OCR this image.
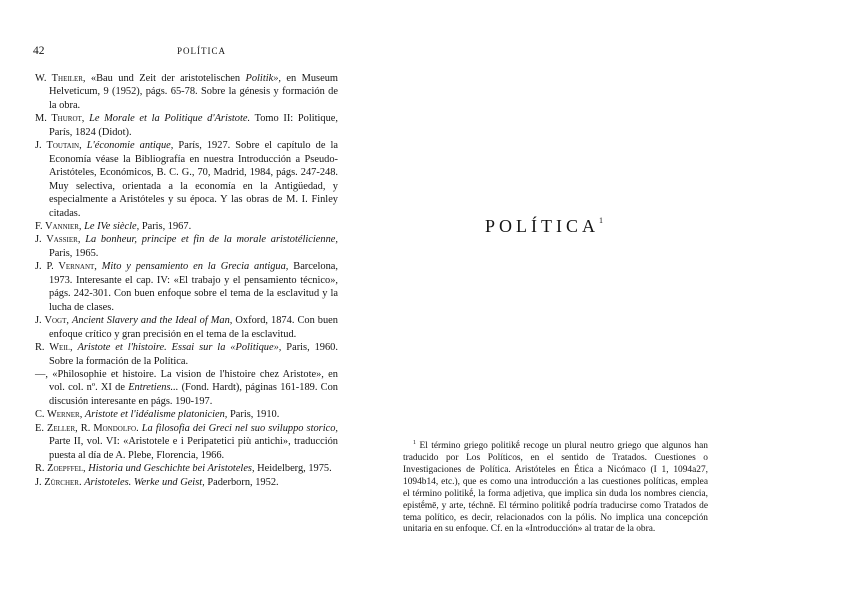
42	POLÍTICA
W. Theiler, «Bau und Zeit der aristotelischen Politik», en Museum Helveticum, 9 (1952), págs. 65-78. Sobre la génesis y formación de la obra.
M. Thurot, Le Morale et la Politique d'Aristote. Tomo II: Politique, París, 1824 (Didot).
J. Toutain, L'économie antique, París, 1927. Sobre el capítulo de la Economía véase la Bibliografía en nuestra Introducción a Pseudo-Aristóteles, Económicos, B. C. G., 70, Madrid, 1984, págs. 247-248. Muy selectiva, orientada a la economía en la Antigüedad, y especialmente a Aristóteles y su época. Y las obras de M. I. Finley citadas.
F. Vannier, Le IVe siècle, Paris, 1967.
J. Vassier, La bonheur, principe et fin de la morale aristotélicienne, Paris, 1965.
J. P. Vernant, Mito y pensamiento en la Grecia antigua, Barcelona, 1973. Interesante el cap. IV: «El trabajo y el pensamiento técnico», págs. 242-301. Con buen enfoque sobre el tema de la esclavitud y la lucha de clases.
J. Vogt, Ancient Slavery and the Ideal of Man, Oxford, 1874. Con buen enfoque crítico y gran precisión en el tema de la esclavitud.
R. Weil, Aristote et l'histoire. Essai sur la «Politique», Paris, 1960. Sobre la formación de la Política.
—, «Philosophie et histoire. La vision de l'histoire chez Aristote», en vol. col. nº. XI de Entretiens... (Fond. Hardt), páginas 161-189. Con discusión interesante en págs. 190-197.
C. Werner, Aristote et l'idéalisme platonicien, Paris, 1910.
E. Zeller, R. Mondolfo. La filosofia dei Greci nel suo sviluppo storico, Parte II, vol. VI: «Aristotele e i Peripatetici più antichi», traducción puesta al día de A. Plebe, Florencia, 1966.
R. Zoepffel, Historia und Geschichte bei Aristoteles, Heidelberg, 1975.
J. Zürcher. Aristoteles. Werke und Geist, Paderborn, 1952.
POLÍTICA$^1$

$^1$ El término griego politikḗ recoge un plural neutro griego que algunos han traducido por Los Políticos, en el sentido de Tratados. Cuestiones o Investigaciones de Política. Aristóteles en Ética a Nicómaco (I 1, 1094a27, 1094b14, etc.), que es como una introducción a las cuestiones políticas, emplea el término politikḗ, la forma adjetiva, que implica sin duda los nombres ciencia, epistḗmē, y arte, téchnē. El término politikḗ podría traducirse como Tratados de tema político, es decir, relacionados con la pólis. No implica una concepción unitaria en su enfoque. Cf. en la «Introducción» al tratar de la obra.
